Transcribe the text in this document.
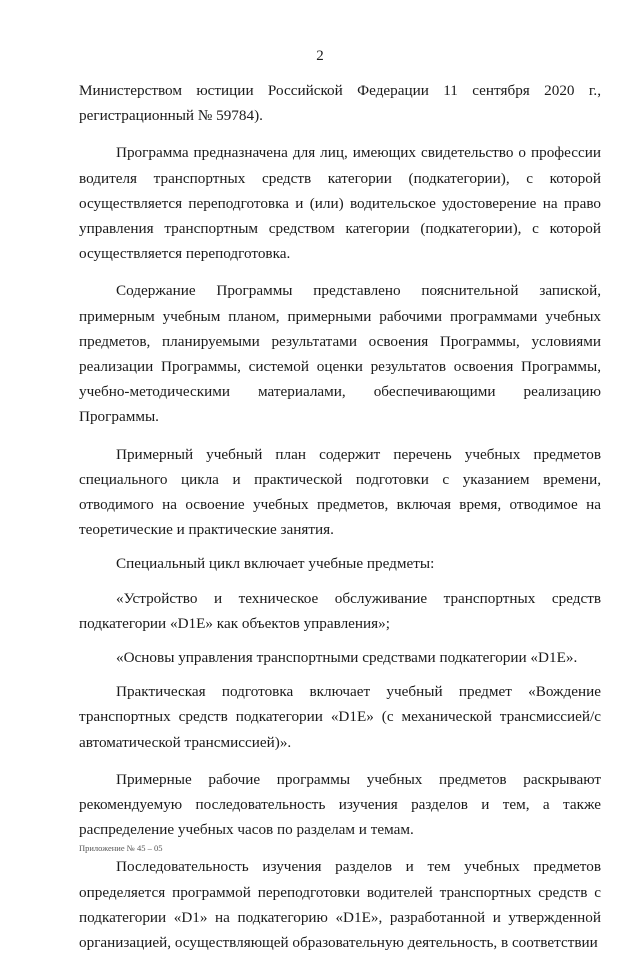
2

Министерством юстиции Российской Федерации 11 сентября 2020 г., регистрационный № 59784).

Программа предназначена для лиц, имеющих свидетельство о профессии водителя транспортных средств категории (подкатегории), с которой осуществляется переподготовка и (или) водительское удостоверение на право управления транспортным средством категории (подкатегории), с которой осуществляется переподготовка.

Содержание Программы представлено пояснительной запиской, примерным учебным планом, примерными рабочими программами учебных предметов, планируемыми результатами освоения Программы, условиями реализации Программы, системой оценки результатов освоения Программы, учебно-методическими материалами, обеспечивающими реализацию Программы.

Примерный учебный план содержит перечень учебных предметов специального цикла и практической подготовки с указанием времени, отводимого на освоение учебных предметов, включая время, отводимое на теоретические и практические занятия.

Специальный цикл включает учебные предметы:

«Устройство и техническое обслуживание транспортных средств подкатегории «D1E» как объектов управления»;

«Основы управления транспортными средствами подкатегории «D1E».

Практическая подготовка включает учебный предмет «Вождение транспортных средств подкатегории «D1E» (с механической трансмиссией/с автоматической трансмиссией)».

Примерные рабочие программы учебных предметов раскрывают рекомендуемую последовательность изучения разделов и тем, а также распределение учебных часов по разделам и темам.

Последовательность изучения разделов и тем учебных предметов определяется программой переподготовки водителей транспортных средств с подкатегории «D1» на подкатегорию «D1E», разработанной и утвержденной организацией, осуществляющей образовательную деятельность, в соответствии

Приложение № 45 – 05
